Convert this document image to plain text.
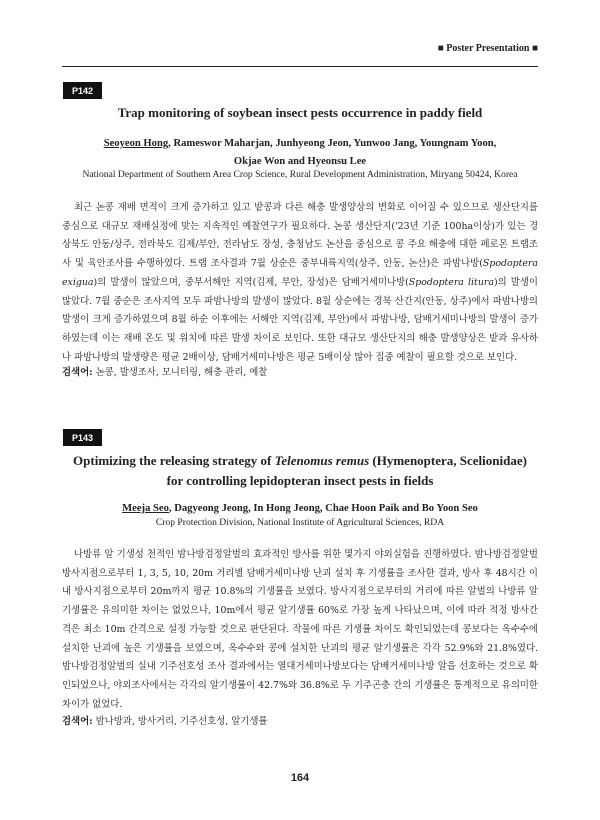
■ Poster Presentation ■
P142

Trap monitoring of soybean insect pests occurrence in paddy field

Seoyeon Hong, Rameswor Maharjan, Junhyeong Jeon, Yunwoo Jang, Youngnam Yoon,
Okjae Won and Hyeonsu Lee

National Department of Southern Area Crop Science, Rural Development Administration, Miryang 50424, Korea

최근 논콩 재배 면적이 크게 증가하고 있고 밭콩과 다른 해충 발생양상의 변화로 이어질 수 있으므로 생산단지를 중심으로 대규모 재배실정에 맞는 지속적인 예찰연구가 필요하다. 논콩 생산단지('23년 기준 100ha이상)가 있는 경상북도 안동/상주, 전라북도 김제/부안, 전라남도 장성, 충청남도 논산을 중심으로 콩 주요 해충에 대한 페로몬 트랩조사 및 육안조사를 수행하였다. 트랩 조사결과 7월 상순은 중부내륙지역(상주, 안동, 논산)은 파밤나방(Spodoptera exigua)의 발생이 많았으며, 중부서해안 지역(김제, 부안, 장성)은 담배거세미나방(Spodoptera litura)의 발생이 많았다. 7월 중순은 조사지역 모두 파밤나방의 발생이 많았다. 8월 상순에는 경북 산간지(안동, 상주)에서 파밤나방의 발생이 크게 증가하였으며 8월 하순 이후에는 서해안 지역(김제, 부안)에서 파밤나방, 담배거세미나방의 발생이 증가하였는데 이는 재배 온도 및 위치에 따른 발생 차이로 보인다. 또한 대규모 생산단지의 해충 발생양상은 밭과 유사하나 파밤나방의 발생량은 평균 2배이상, 담배거세미나방은 평균 5배이상 많아 집중 예찰이 필요할 것으로 보인다.

검색어: 논콩, 발생조사, 모니터링, 해충 관리, 예찰

P143

Optimizing the releasing strategy of Telenomus remus (Hymenoptera, Scelionidae)
for controlling lepidopteran insect pests in fields

Meeja Seo, Dagyeong Jeong, In Hong Jeong, Chae Hoon Paik and Bo Yoon Seo

Crop Protection Division, National Institute of Agricultural Sciences, RDA

나방류 알 기생성 천적인 밤나방검정알벌의 효과적인 방사를 위한 몇가지 야외실험을 진행하였다. 밤나방검정알벌 방사지점으로부터 1, 3, 5, 10, 20m 거리별 담배거세미나방 난괴 설치 후 기생률을 조사한 결과, 방사 후 48시간 이내 방사지점으로부터 20m까지 평균 10.8%의 기생률을 보였다. 방사지점으로부터의 거리에 따른 알벌의 나방류 알기생률은 유의미한 차이는 없었으나, 10m에서 평균 알기생률 60%로 가장 높게 나타났으며, 이에 따라 적정 방사간격은 최소 10m 간격으로 설정 가능할 것으로 판단된다. 작물에 따른 기생률 차이도 확인되었는데 콩보다는 옥수수에 설치한 난괴에 높은 기생률을 보였으며, 옥수수와 콩에 설치한 난괴의 평균 알기생률은 각각 52.9%와 21.8%였다. 밤나방검정알벌의 실내 기주선호성 조사 결과에서는 열대거세미나방보다는 담배거세미나방 알을 선호하는 것으로 확인되었으나, 야외조사에서는 각각의 알기생률이 42.7%와 36.8%로 두 기주곤충 간의 기생률은 통계적으로 유의미한 차이가 없었다.

검색어: 밤나방과, 방사거리, 기주선호성, 알기생률

164
